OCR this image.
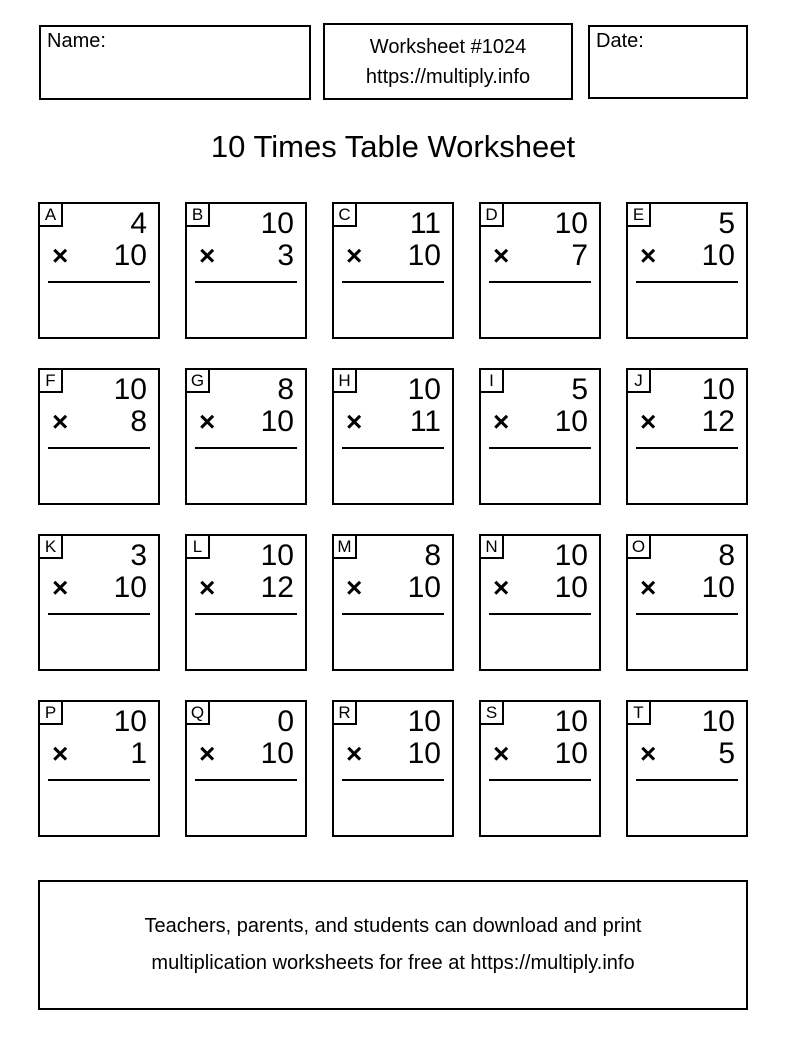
Name:	Worksheet #1024
https://multiply.info
Date:
10 Times Table Worksheet
A	4
× 10
B	10
× 3
C	11
× 10
D	10
× 7
E	5
× 10
F	10
× 8
G	8
× 10
H	10
× 11
I	5
× 10
J	10
× 12
K	3
× 10
L	10
× 12
M	8
× 10
N	10
× 10
O	8
× 10
P	10
× 1
Q	0
× 10
R	10
× 10
S	10
× 10
T	10
× 5
Teachers, parents, and students can download and print
multiplication worksheets for free at https://multiply.info
